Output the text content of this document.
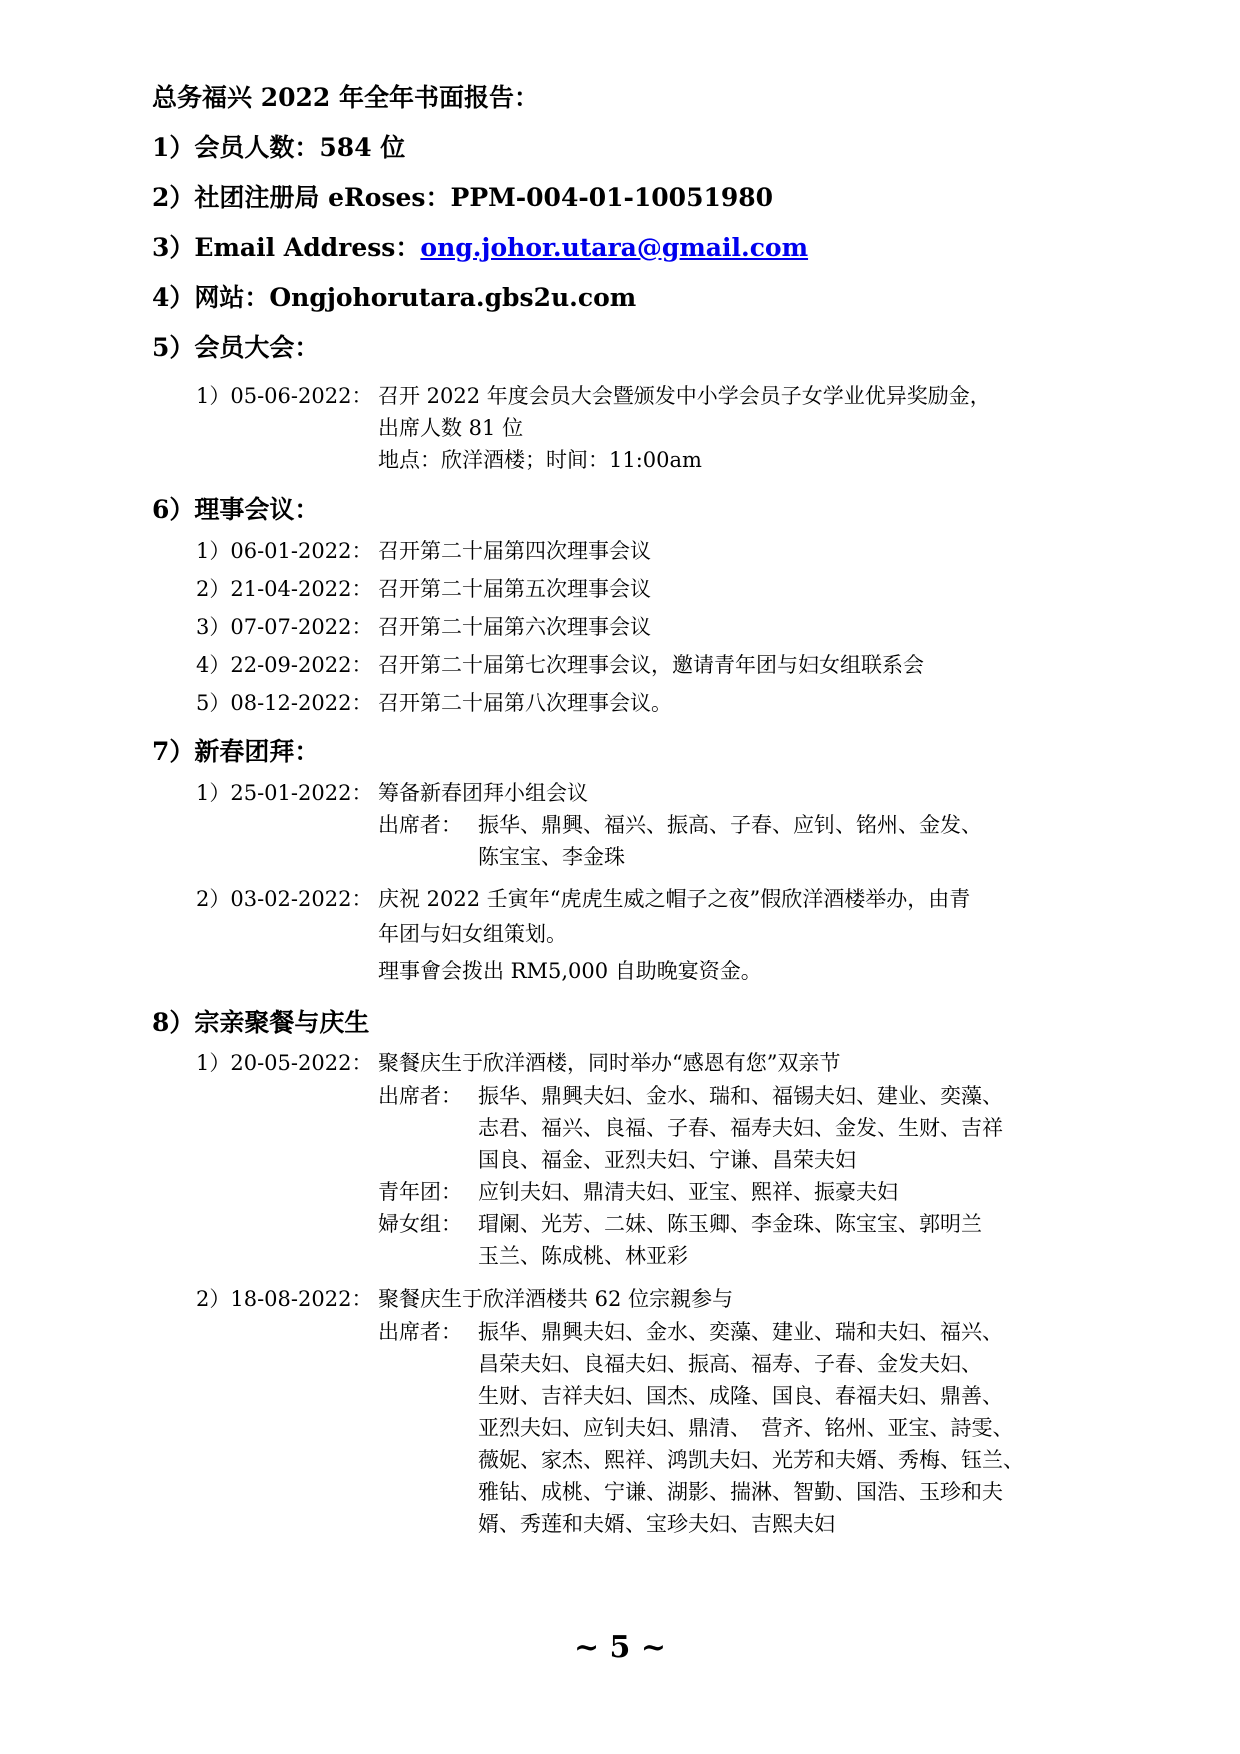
总务福兴 2022 年全年书面报告：
1）会员人数：584 位
2）社团注册局 eRoses：PPM-004-01-10051980
3）Email Address：ong.johor.utara@gmail.com
4）网站：Ongjohorutara.gbs2u.com
5）会员大会：
1）05-06-2022： 召开 2022 年度会员大会暨颁发中小学会员子女学业优异奖励金，
出席人数 81 位
地点：欣洋酒楼；时间：11:00am
6）理事会议：
1）06-01-2022： 召开第二十届第四次理事会议
2）21-04-2022： 召开第二十届第五次理事会议
3）07-07-2022： 召开第二十届第六次理事会议
4）22-09-2022： 召开第二十届第七次理事会议，邀请青年团与妇女组联系会
5）08-12-2022： 召开第二十届第八次理事会议。
7）新春团拜：
1）25-01-2022： 筹备新春团拜小组会议
出席者： 振华、鼎興、福兴、振高、子春、应钊、铭州、金发、
陈宝宝、李金珠
2）03-02-2022： 庆祝 2022 壬寅年“虎虎生威之帽子之夜”假欣洋酒楼举办，由青
年团与妇女组策划。
理事會会拨出 RM5,000 自助晚宴资金。
8）宗亲聚餐与庆生
1）20-05-2022： 聚餐庆生于欣洋酒楼，同时举办“感恩有您”双亲节
出席者： 振华、鼎興夫妇、金水、瑞和、福锡夫妇、建业、奕藻、
志君、福兴、良福、子春、福寿夫妇、金发、生财、吉祥
国良、福金、亚烈夫妇、宁谦、昌荣夫妇
青年团： 应钊夫妇、鼎清夫妇、亚宝、熙祥、振豪夫妇
婦女组： 瑁阑、光芳、二妹、陈玉卿、李金珠、陈宝宝、郭明兰
玉兰、陈成桃、林亚彩
2）18-08-2022： 聚餐庆生于欣洋酒楼共 62 位宗親参与
出席者： 振华、鼎興夫妇、金水、奕藻、建业、瑞和夫妇、福兴、
昌荣夫妇、良福夫妇、振高、福寿、子春、金发夫妇、
生财、吉祥夫妇、国杰、成隆、国良、春福夫妇、鼎善、
亚烈夫妇、应钊夫妇、鼎清、　营齐、铭州、亚宝、詩雯、
薇妮、家杰、熙祥、鸿凯夫妇、光芳和夫婿、秀梅、钰兰、
雅钻、成桃、宁谦、湖影、揣淋、智勤、国浩、玉珍和夫
婿、秀莲和夫婿、宝珍夫妇、吉熙夫妇
~ 5 ~
